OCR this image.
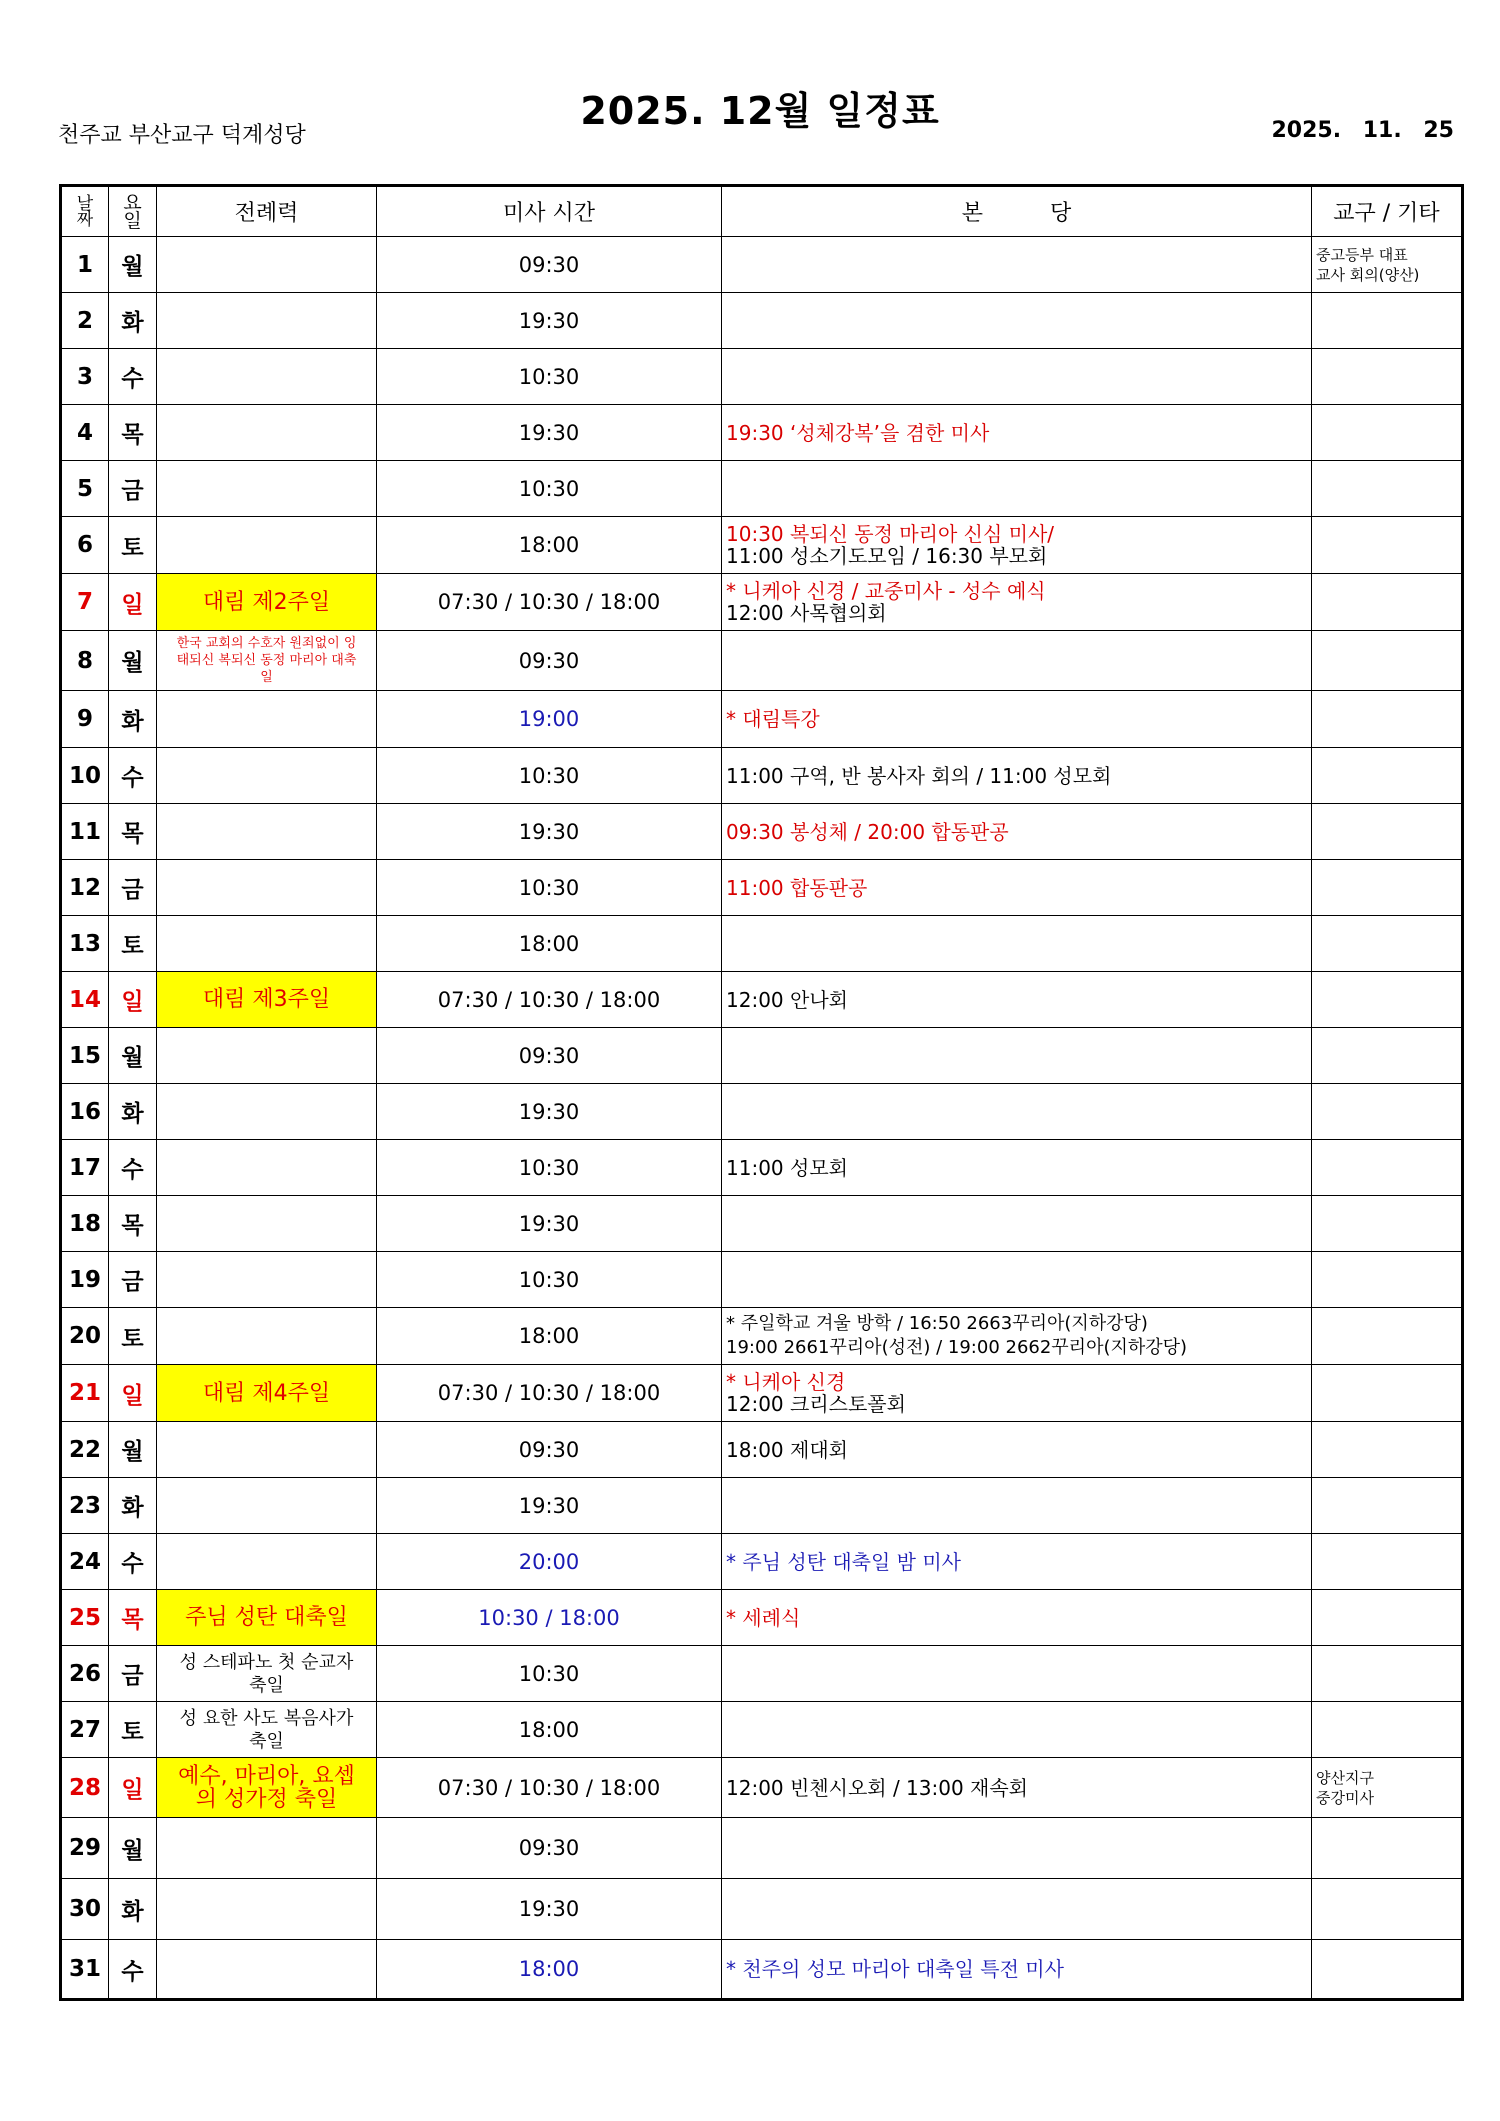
2025. 12월 일정표
천주교 부산교구 덕계성당	2025. 11. 25
날
짜	요
일	전례력	미사 시간	본 당	교구 / 기타
1	월		09:30		중고등부 대표
교사 회의(양산)

2	화		19:30		
3	수		10:30		
4	목		19:30	19:30 ‘성체강복’을 겸한 미사	

5	금		10:30		
6	토		18:00	10:30 복되신 동정 마리아 신심 미사/
11:00 성소기도모임 / 16:30 부모회	

7	일	대림 제2주일	07:30 / 10:30 / 18:00	* 니케아 신경 / 교중미사 - 성수 예식
12:00 사목협의회	

8	월	한국 교회의 수호자 원죄없이 잉태되신 복되신 동정 마리아 대축일	09:30		
9	화		19:00	* 대림특강	

10	수		10:30	11:00 구역, 반 봉사자 회의 / 11:00 성모회	

11	목		19:30	09:30 봉성체 / 20:00 합동판공	

12	금		10:30	11:00 합동판공	

13	토		18:00		
14	일	대림 제3주일	07:30 / 10:30 / 18:00	12:00 안나회	

15	월		09:30		
16	화		19:30		
17	수		10:30	11:00 성모회	

18	목		19:30		
19	금		10:30		
20	토		18:00	* 주일학교 겨울 방학 / 16:50 2663꾸리아(지하강당)
19:00 2661꾸리아(성전) / 19:00 2662꾸리아(지하강당)	

21	일	대림 제4주일	07:30 / 10:30 / 18:00	* 니케아 신경
12:00 크리스토폴회	

22	월		09:30	18:00 제대회	

23	화		19:30		
24	수		20:00	* 주님 성탄 대축일 밤 미사	

25	목	주님 성탄 대축일	10:30 / 18:00	* 세례식	

26	금	성 스테파노 첫 순교자 축일	10:30		
27	토	성 요한 사도 복음사가 축일	18:00		
28	일	예수, 마리아, 요셉의 성가정 축일	07:30 / 10:30 / 18:00	12:00 빈첸시오회 / 13:00 재속회	양산지구
중강미사

29	월		09:30		
30	화		19:30		
31	수		18:00	* 천주의 성모 마리아 대축일 특전 미사	
